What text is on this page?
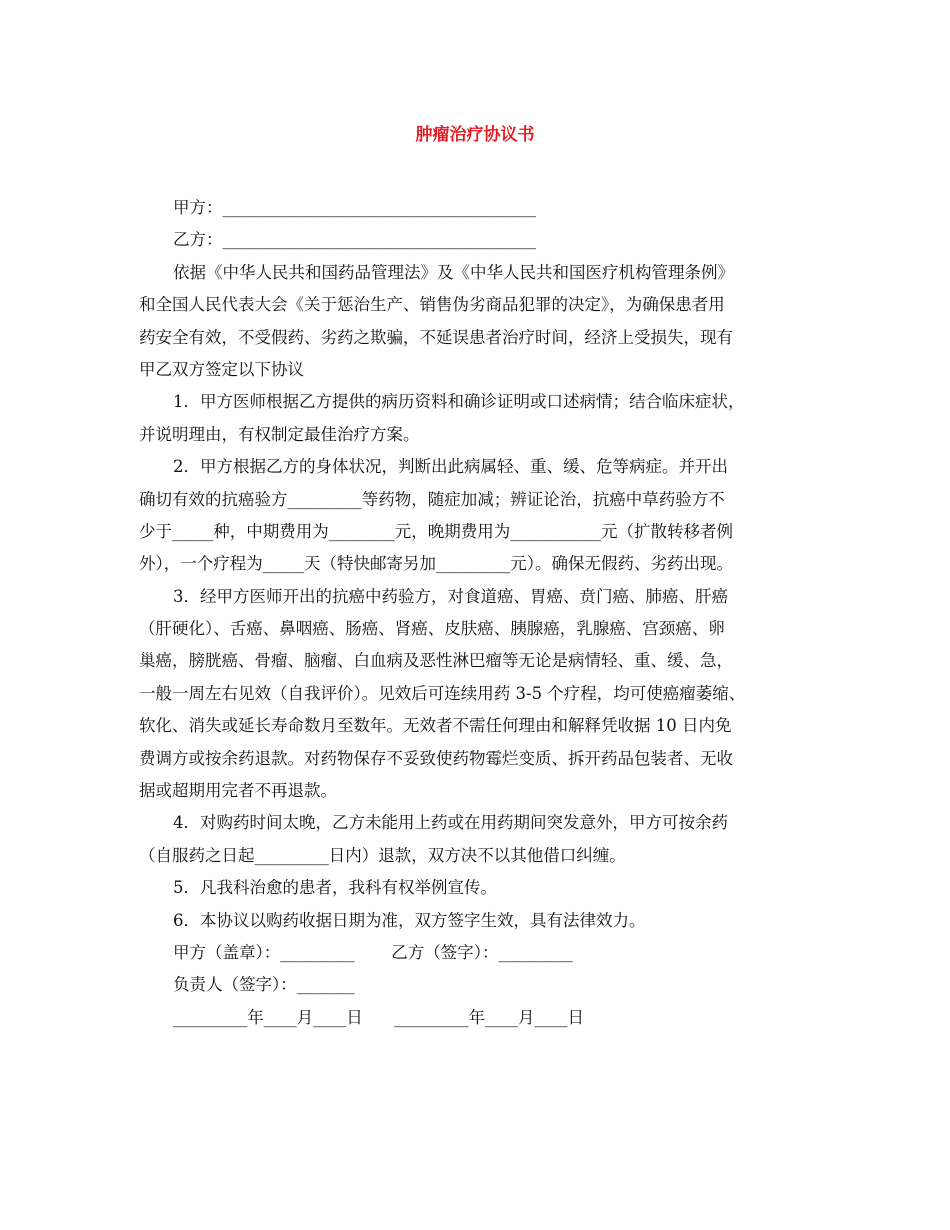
肿瘤治疗协议书
甲方：______________________________________
乙方：______________________________________
依据《中华人民共和国药品管理法》及《中华人民共和国医疗机构管理条例》
和全国人民代表大会《关于惩治生产、销售伪劣商品犯罪的决定》，为确保患者用
药安全有效，不受假药、劣药之欺骗，不延误患者治疗时间，经济上受损失，现有
甲乙双方签定以下协议
1．甲方医师根据乙方提供的病历资料和确诊证明或口述病情；结合临床症状，
并说明理由，有权制定最佳治疗方案。
2．甲方根据乙方的身体状况，判断出此病属轻、重、缓、危等病症。并开出
确切有效的抗癌验方_________等药物，随症加减；辨证论治，抗癌中草药验方不
少于_____种，中期费用为________元，晚期费用为___________元（扩散转移者例
外），一个疗程为_____天（特快邮寄另加_________元）。确保无假药、劣药出现。
3．经甲方医师开出的抗癌中药验方，对食道癌、胃癌、贲门癌、肺癌、肝癌
（肝硬化）、舌癌、鼻咽癌、肠癌、肾癌、皮肤癌、胰腺癌，乳腺癌、宫颈癌、卵
巢癌，膀胱癌、骨瘤、脑瘤、白血病及恶性淋巴瘤等无论是病情轻、重、缓、急，
一般一周左右见效（自我评价）。见效后可连续用药 3-5 个疗程，均可使癌瘤萎缩、
软化、消失或延长寿命数月至数年。无效者不需任何理由和解释凭收据 10 日内免
费调方或按余药退款。对药物保存不妥致使药物霉烂变质、拆开药品包装者、无收
据或超期用完者不再退款。
4．对购药时间太晚，乙方未能用上药或在用药期间突发意外，甲方可按余药
（自服药之日起_________日内）退款，双方决不以其他借口纠缠。
5．凡我科治愈的患者，我科有权举例宣传。
6．本协议以购药收据日期为准，双方签字生效，具有法律效力。
甲方（盖章）：_________       乙方（签字）：_________
负责人（签字）：_______
_________年____月____日      _________年____月____日
